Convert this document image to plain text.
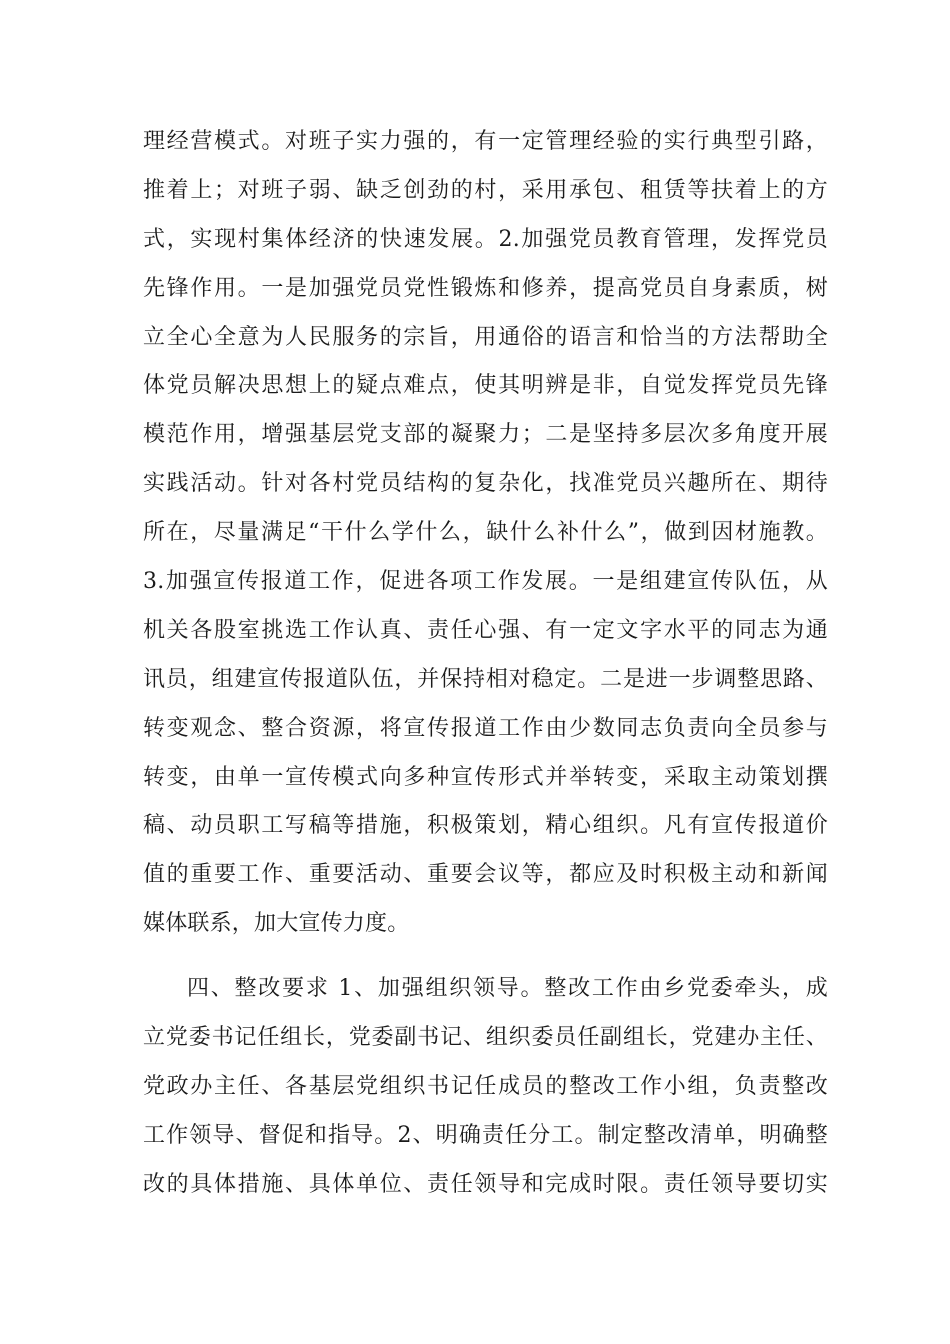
理经营模式。对班子实力强的，有一定管理经验的实行典型引路，
推着上；对班子弱、缺乏创劲的村，采用承包、租赁等扶着上的方
式，实现村集体经济的快速发展。2.加强党员教育管理，发挥党员
先锋作用。一是加强党员党性锻炼和修养，提高党员自身素质，树
立全心全意为人民服务的宗旨，用通俗的语言和恰当的方法帮助全
体党员解决思想上的疑点难点，使其明辨是非，自觉发挥党员先锋
模范作用，增强基层党支部的凝聚力；二是坚持多层次多角度开展
实践活动。针对各村党员结构的复杂化，找准党员兴趣所在、期待
所在，尽量满足“干什么学什么，缺什么补什么”，做到因材施教。
3.加强宣传报道工作，促进各项工作发展。一是组建宣传队伍，从
机关各股室挑选工作认真、责任心强、有一定文字水平的同志为通
讯员，组建宣传报道队伍，并保持相对稳定。二是进一步调整思路、
转变观念、整合资源，将宣传报道工作由少数同志负责向全员参与
转变，由单一宣传模式向多种宣传形式并举转变，采取主动策划撰
稿、动员职工写稿等措施，积极策划，精心组织。凡有宣传报道价
值的重要工作、重要活动、重要会议等，都应及时积极主动和新闻
媒体联系，加大宣传力度。
四、整改要求 1、加强组织领导。整改工作由乡党委牵头，成
立党委书记任组长，党委副书记、组织委员任副组长，党建办主任、
党政办主任、各基层党组织书记任成员的整改工作小组，负责整改
工作领导、督促和指导。2、明确责任分工。制定整改清单，明确整
改的具体措施、具体单位、责任领导和完成时限。责任领导要切实
